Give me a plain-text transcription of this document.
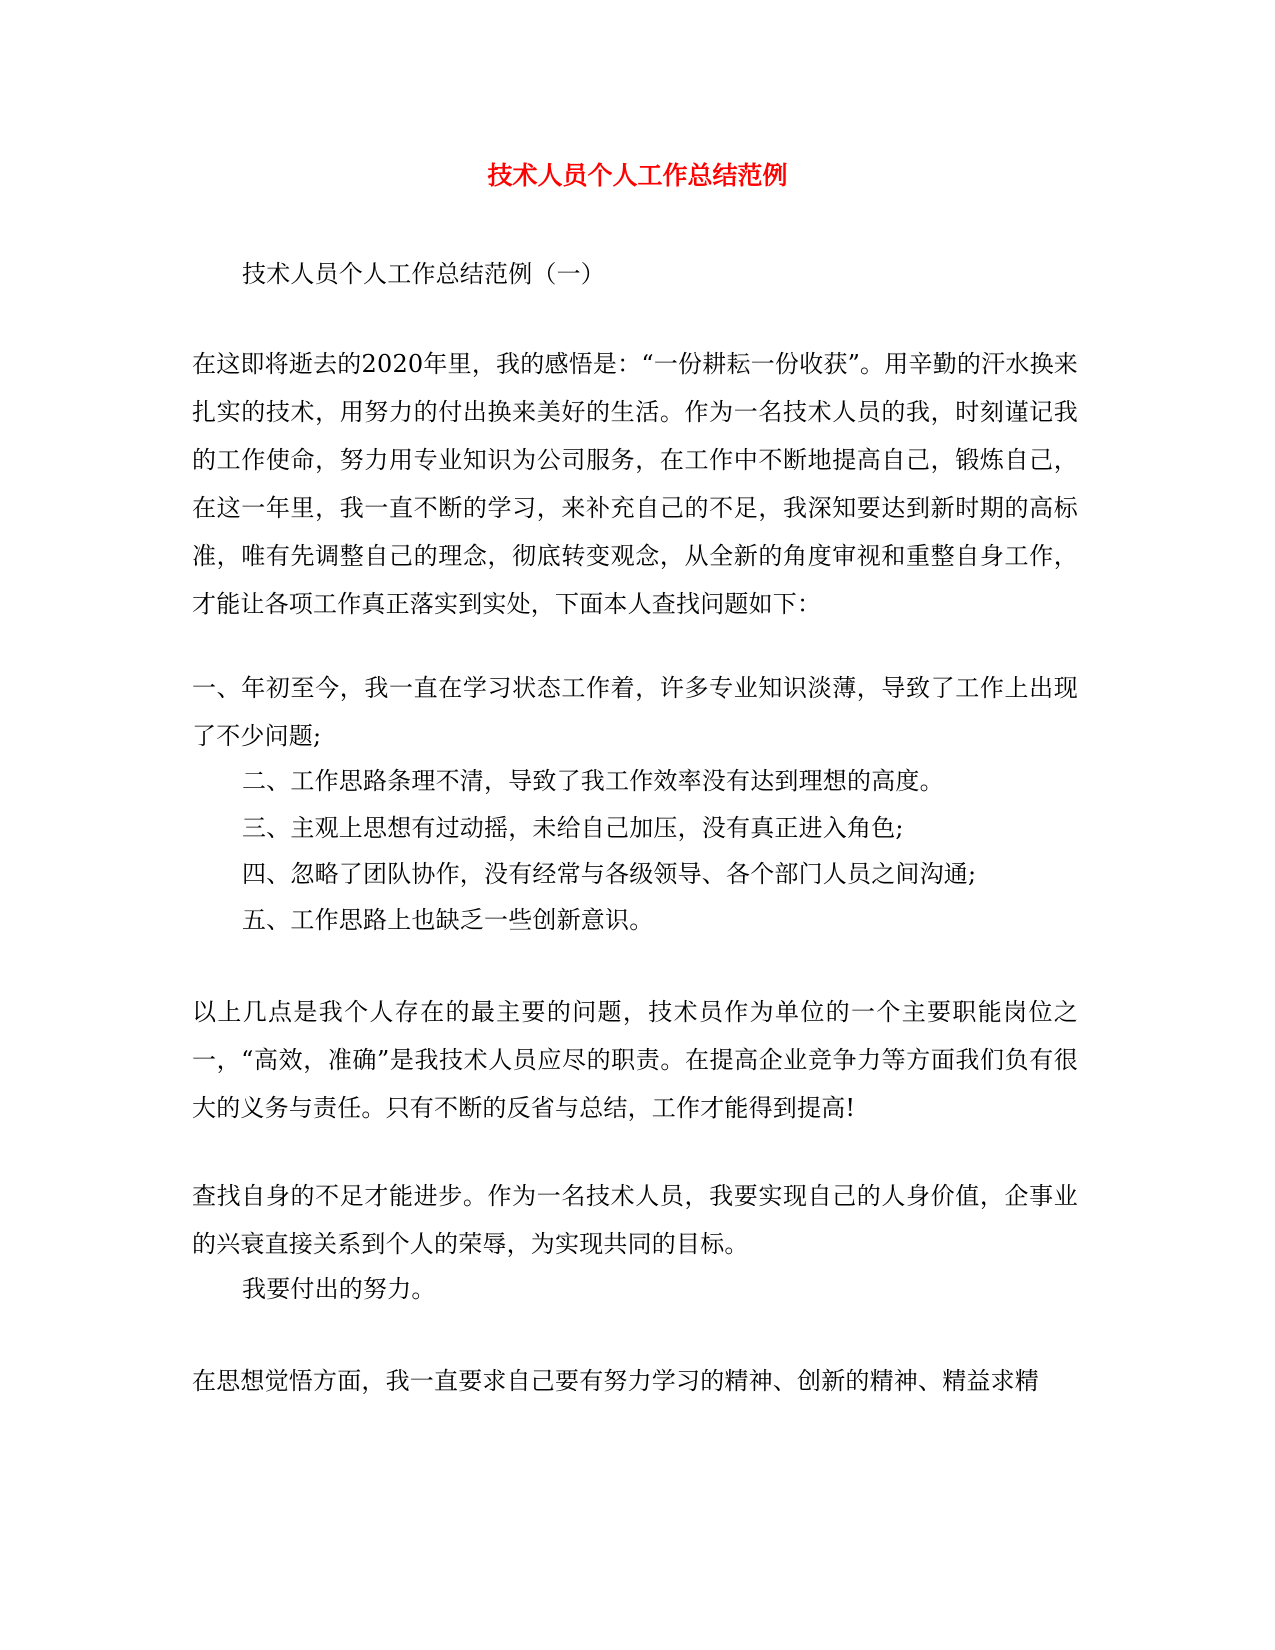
技术人员个人工作总结范例

技术人员个人工作总结范例（一）

在这即将逝去的2020年里，我的感悟是：“一份耕耘一份收获”。用辛勤的汗水换来扎实的技术，用努力的付出换来美好的生活。作为一名技术人员的我，时刻谨记我的工作使命，努力用专业知识为公司服务，在工作中不断地提高自己，锻炼自己，在这一年里，我一直不断的学习，来补充自己的不足，我深知要达到新时期的高标准，唯有先调整自己的理念，彻底转变观念，从全新的角度审视和重整自身工作，才能让各项工作真正落实到实处，下面本人查找问题如下：

一、年初至今，我一直在学习状态工作着，许多专业知识淡薄，导致了工作上出现了不少问题;

二、工作思路条理不清，导致了我工作效率没有达到理想的高度。

三、主观上思想有过动摇，未给自己加压，没有真正进入角色;

四、忽略了团队协作，没有经常与各级领导、各个部门人员之间沟通;

五、工作思路上也缺乏一些创新意识。

以上几点是我个人存在的最主要的问题，技术员作为单位的一个主要职能岗位之一，“高效，准确”是我技术人员应尽的职责。在提高企业竞争力等方面我们负有很大的义务与责任。只有不断的反省与总结，工作才能得到提高!

查找自身的不足才能进步。作为一名技术人员，我要实现自己的人身价值，企事业的兴衰直接关系到个人的荣辱，为实现共同的目标。

我要付出的努力。

在思想觉悟方面，我一直要求自己要有努力学习的精神、创新的精神、精益求精
